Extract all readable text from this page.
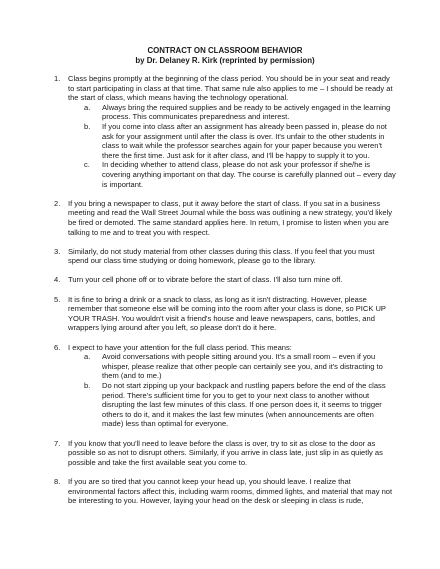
CONTRACT ON CLASSROOM BEHAVIOR

by Dr. Delaney R. Kirk (reprinted by permission)

1. Class begins promptly at the beginning of the class period. You should be in your seat and ready to start participating in class at that time. That same rule also applies to me – I should be ready at the start of class, which means having the technology operational.

a. Always bring the required supplies and be ready to be actively engaged in the learning process. This communicates preparedness and interest.

b. If you come into class after an assignment has already been passed in, please do not ask for your assignment until after the class is over. It's unfair to the other students in class to wait while the professor searches again for your paper because you weren't there the first time. Just ask for it after class, and I'll be happy to supply it to you.

c. In deciding whether to attend class, please do not ask your professor if she/he is covering anything important on that day. The course is carefully planned out – every day is important.

2. If you bring a newspaper to class, put it away before the start of class. If you sat in a business meeting and read the Wall Street Journal while the boss was outlining a new strategy, you'd likely be fired or demoted. The same standard applies here. In return, I promise to listen when you are talking to me and to treat you with respect.

3. Similarly, do not study material from other classes during this class. If you feel that you must spend our class time studying or doing homework, please go to the library.

4. Turn your cell phone off or to vibrate before the start of class. I'll also turn mine off.

5. It is fine to bring a drink or a snack to class, as long as it isn't distracting. However, please remember that someone else will be coming into the room after your class is done, so PICK UP YOUR TRASH. You wouldn't visit a friend's house and leave newspapers, cans, bottles, and wrappers lying around after you left, so please don't do it here.

6. I expect to have your attention for the full class period. This means:

a. Avoid conversations with people sitting around you. It's a small room – even if you whisper, please realize that other people can certainly see you, and it's distracting to them (and to me.)

b. Do not start zipping up your backpack and rustling papers before the end of the class period. There's sufficient time for you to get to your next class to another without disrupting the last few minutes of this class. If one person does it, it seems to trigger others to do it, and it makes the last few minutes (when announcements are often made) less than optimal for everyone.

7. If you know that you'll need to leave before the class is over, try to sit as close to the door as possible so as not to disrupt others. Similarly, if you arrive in class late, just slip in as quietly as possible and take the first available seat you come to.

8. If you are so tired that you cannot keep your head up, you should leave. I realize that environmental factors affect this, including warm rooms, dimmed lights, and material that may not be interesting to you. However, laying your head on the desk or sleeping in class is rude,
